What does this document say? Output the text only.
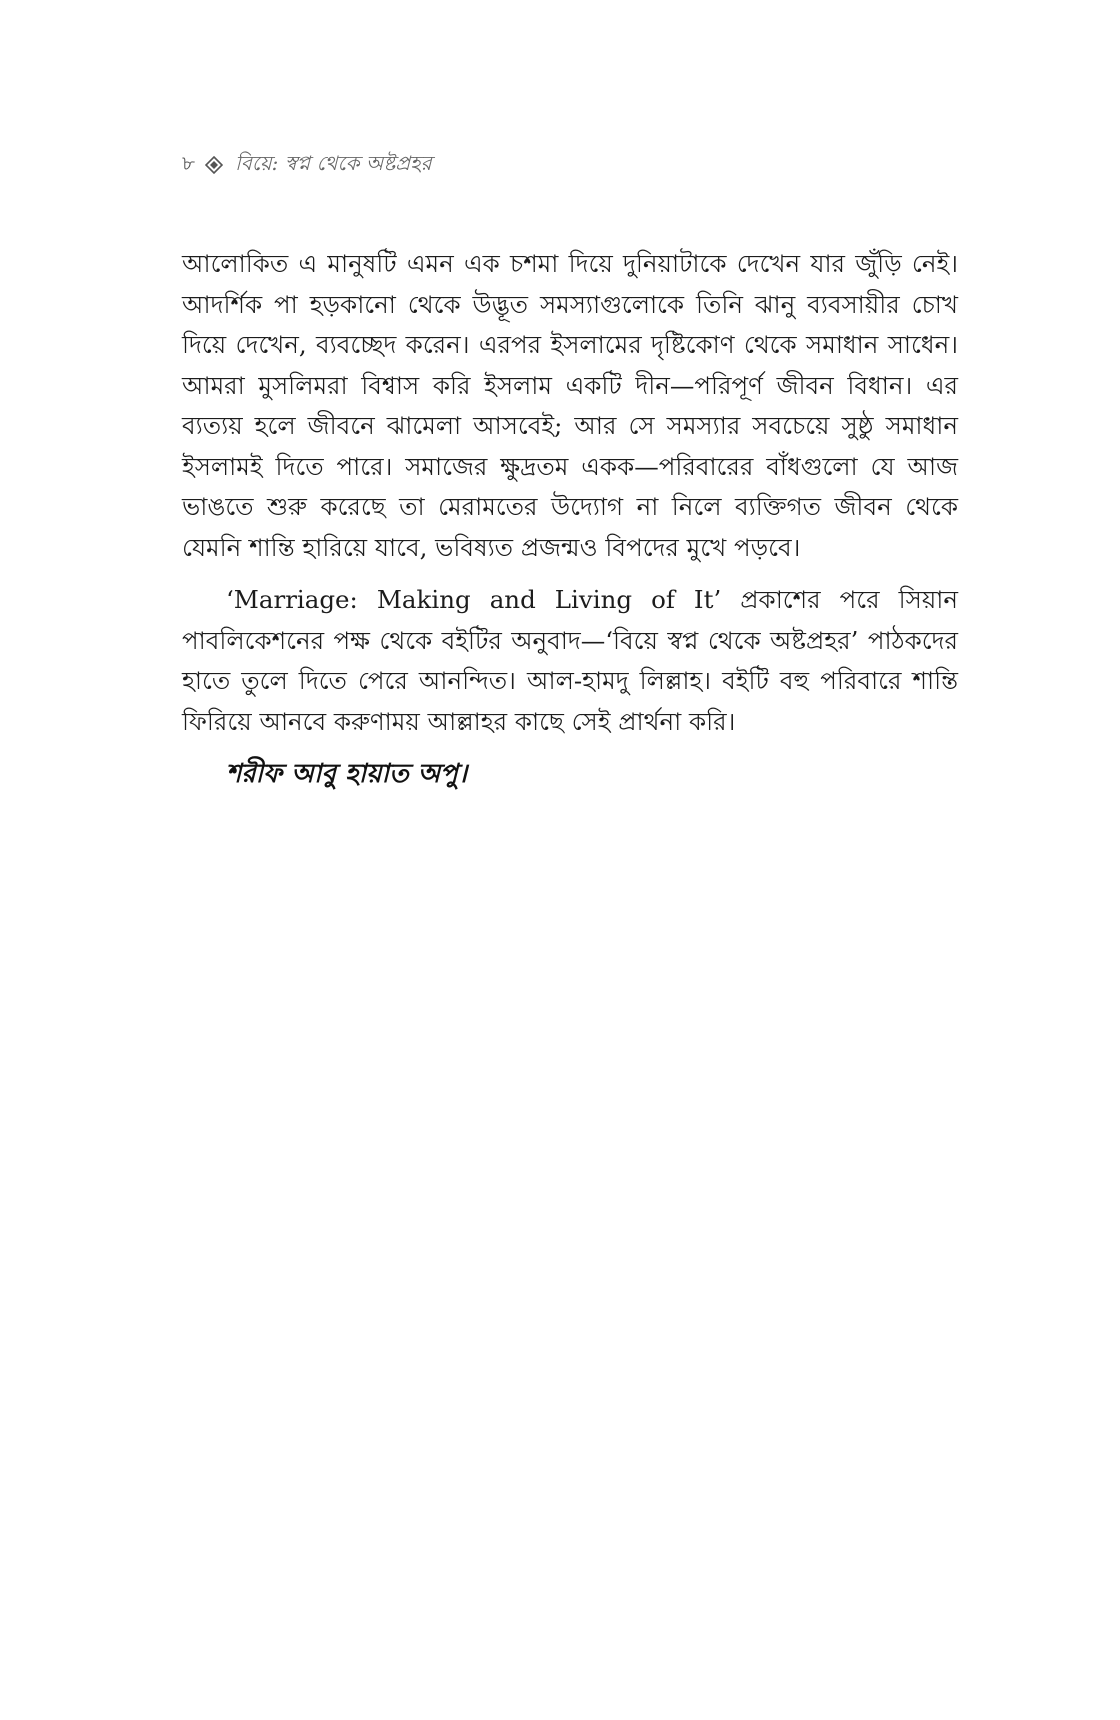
৮ বিয়ে: স্বপ্ন থেকে অষ্টপ্রহর

আলোকিত এ মানুষটি এমন এক চশমা দিয়ে দুনিয়াটাকে দেখেন যার জুঁড়ি নেই। আদর্শিক পা হড়কানো থেকে উদ্ভূত সমস্যাগুলোকে তিনি ঝানু ব্যবসায়ীর চোখ দিয়ে দেখেন, ব্যবচ্ছেদ করেন। এরপর ইসলামের দৃষ্টিকোণ থেকে সমাধান সাধেন। আমরা মুসলিমরা বিশ্বাস করি ইসলাম একটি দীন—পরিপূর্ণ জীবন বিধান। এর ব্যত্যয় হলে জীবনে ঝামেলা আসবেই; আর সে সমস্যার সবচেয়ে সুষ্ঠু সমাধান ইসলামই দিতে পারে। সমাজের ক্ষুদ্রতম একক—পরিবারের বাঁধগুলো যে আজ ভাঙতে শুরু করেছে তা মেরামতের উদ্যোগ না নিলে ব্যক্তিগত জীবন থেকে যেমনি শান্তি হারিয়ে যাবে, ভবিষ্যত প্রজন্মও বিপদের মুখে পড়বে।

‘Marriage: Making and Living of It’ প্রকাশের পরে সিয়ান পাবলিকেশনের পক্ষ থেকে বইটির অনুবাদ—‘বিয়ে স্বপ্ন থেকে অষ্টপ্রহর’ পাঠকদের হাতে তুলে দিতে পেরে আনন্দিত। আল-হামদু লিল্লাহ। বইটি বহু পরিবারে শান্তি ফিরিয়ে আনবে করুণাময় আল্লাহর কাছে সেই প্রার্থনা করি।

শরীফ আবু হায়াত অপু।
